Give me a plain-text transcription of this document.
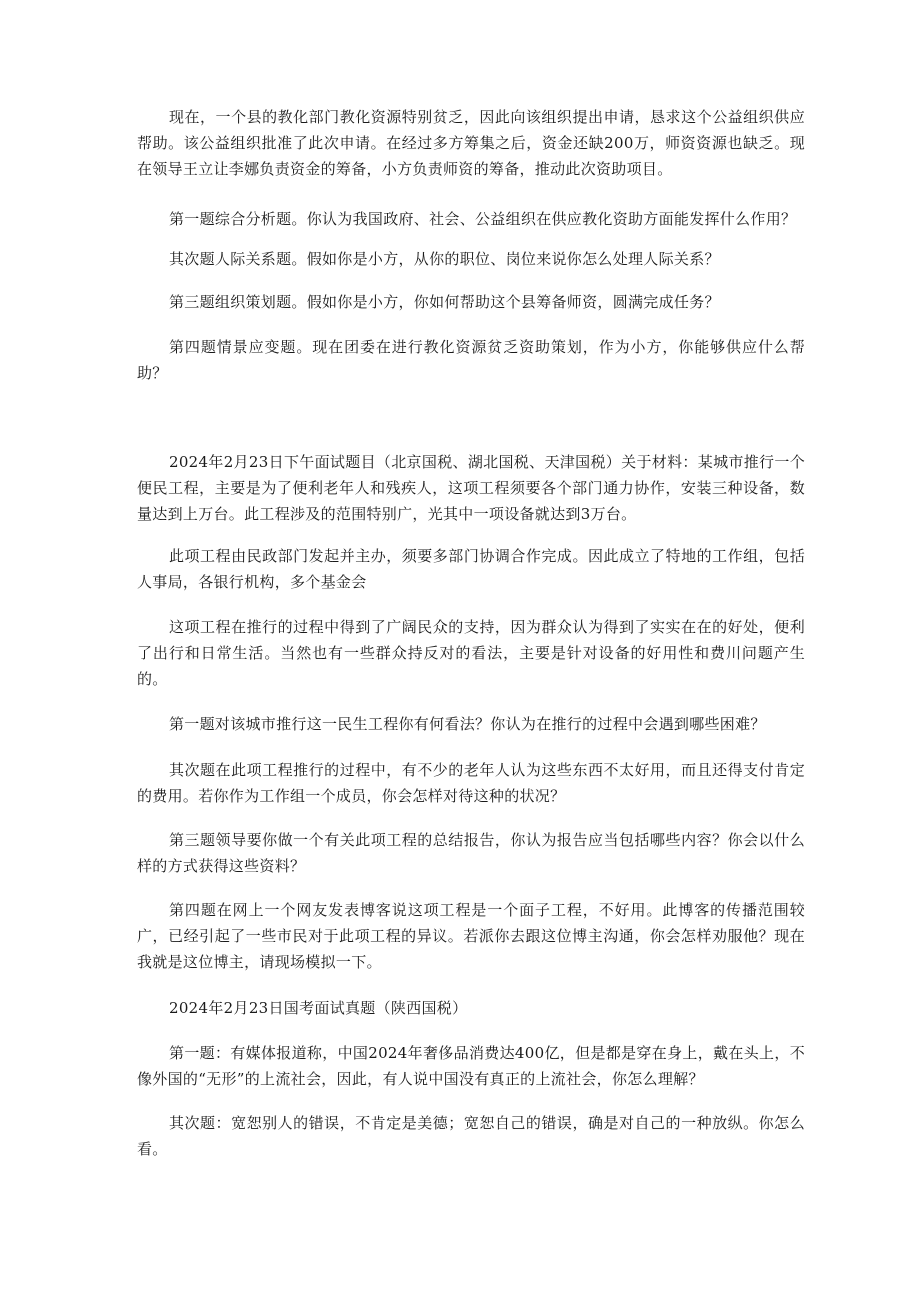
现在，一个县的教化部门教化资源特别贫乏，因此向该组织提出申请，恳求这个公益组织供应帮助。该公益组织批准了此次申请。在经过多方筹集之后，资金还缺200万，师资资源也缺乏。现在领导王立让李娜负责资金的筹备，小方负责师资的筹备，推动此次资助项目。

第一题综合分析题。你认为我国政府、社会、公益组织在供应教化资助方面能发挥什么作用？

其次题人际关系题。假如你是小方，从你的职位、岗位来说你怎么处理人际关系？

第三题组织策划题。假如你是小方，你如何帮助这个县筹备师资，圆满完成任务？

第四题情景应变题。现在团委在进行教化资源贫乏资助策划，作为小方，你能够供应什么帮助？

2024年2月23日下午面试题目（北京国税、湖北国税、天津国税）关于材料：某城市推行一个便民工程，主要是为了便利老年人和残疾人，这项工程须要各个部门通力协作，安装三种设备，数量达到上万台。此工程涉及的范围特别广，光其中一项设备就达到3万台。

此项工程由民政部门发起并主办，须要多部门协调合作完成。因此成立了特地的工作组，包括人事局，各银行机构，多个基金会

这项工程在推行的过程中得到了广阔民众的支持，因为群众认为得到了实实在在的好处，便利了出行和日常生活。当然也有一些群众持反对的看法，主要是针对设备的好用性和费川问题产生的。

第一题对该城市推行这一民生工程你有何看法？你认为在推行的过程中会遇到哪些困难？

其次题在此项工程推行的过程中，有不少的老年人认为这些东西不太好用，而且还得支付肯定的费用。若你作为工作组一个成员，你会怎样对待这种的状况？

第三题领导要你做一个有关此项工程的总结报告，你认为报告应当包括哪些内容？你会以什么样的方式获得这些资料？

第四题在网上一个网友发表博客说这项工程是一个面子工程，不好用。此博客的传播范围较广，已经引起了一些市民对于此项工程的异议。若派你去跟这位博主沟通，你会怎样劝服他？现在我就是这位博主，请现场模拟一下。

2024年2月23日国考面试真题（陕西国税）

第一题：有媒体报道称，中国2024年奢侈品消费达400亿，但是都是穿在身上，戴在头上，不像外国的“无形”的上流社会，因此，有人说中国没有真正的上流社会，你怎么理解？

其次题：宽恕别人的错误，不肯定是美德；宽恕自己的错误，确是对自己的一种放纵。你怎么看。
